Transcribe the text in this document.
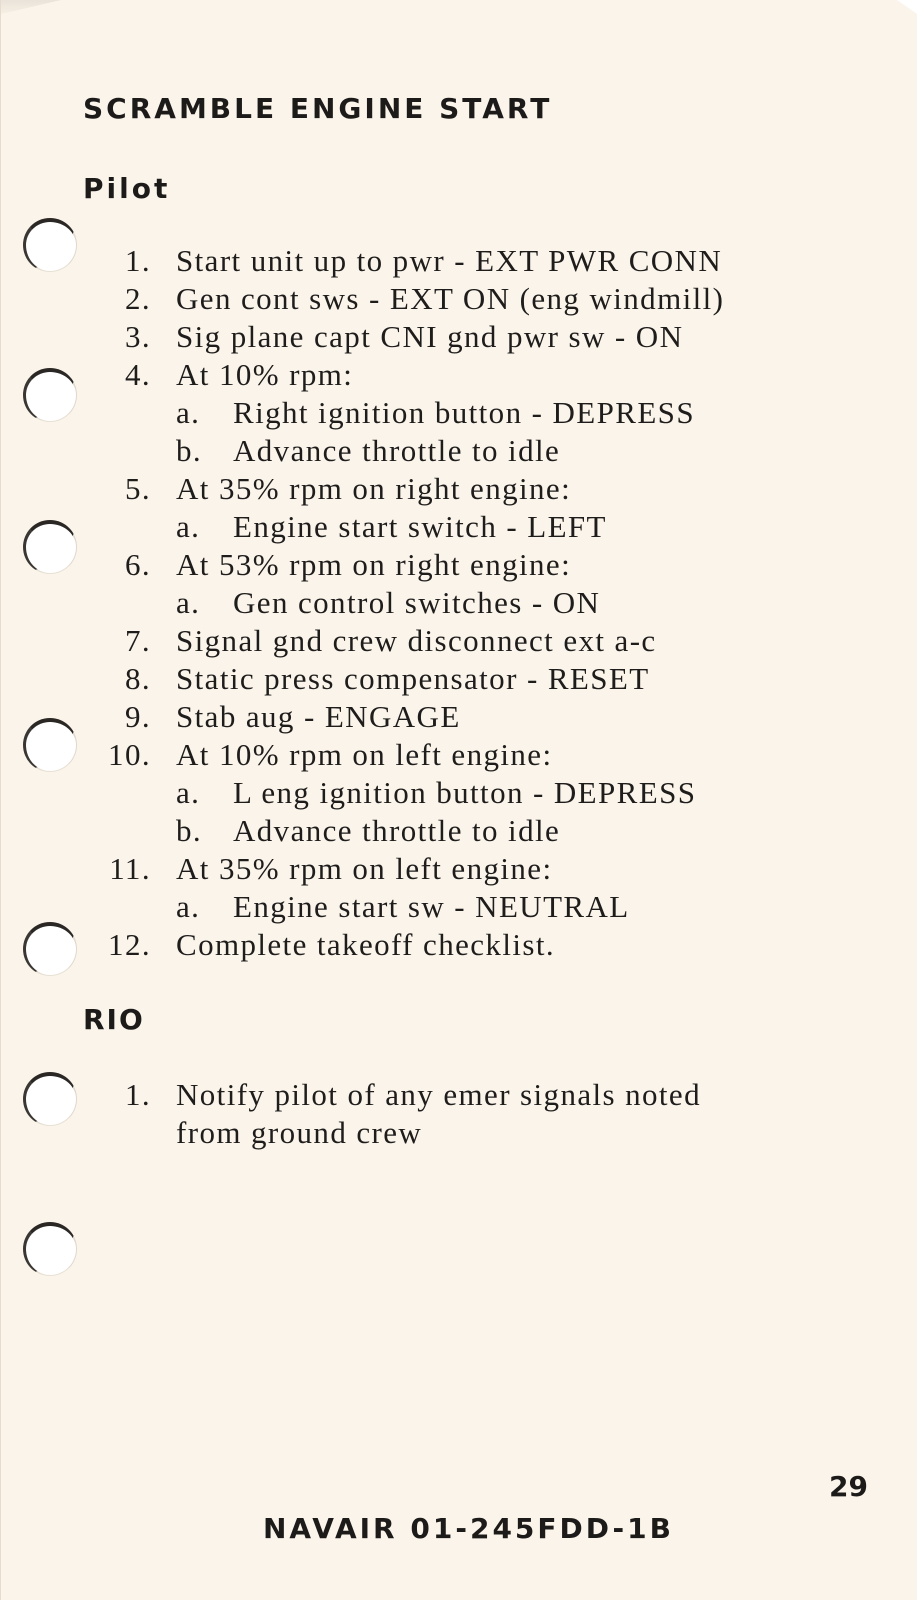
SCRAMBLE ENGINE START
Pilot
1. Start unit up to pwr - EXT PWR CONN
2. Gen cont sws - EXT ON (eng windmill)
3. Sig plane capt CNI gnd pwr sw - ON
4. At 10% rpm:
a. Right ignition button - DEPRESS
b. Advance throttle to idle
5. At 35% rpm on right engine:
a. Engine start switch - LEFT
6. At 53% rpm on right engine:
a. Gen control switches - ON
7. Signal gnd crew disconnect ext a-c
8. Static press compensator - RESET
9. Stab aug - ENGAGE
10. At 10% rpm on left engine:
a. L eng ignition button - DEPRESS
b. Advance throttle to idle
11. At 35% rpm on left engine:
a. Engine start sw - NEUTRAL
12. Complete takeoff checklist.
RIO
1. Notify pilot of any emer signals noted
from ground crew
29
NAVAIR 01-245FDD-1B
